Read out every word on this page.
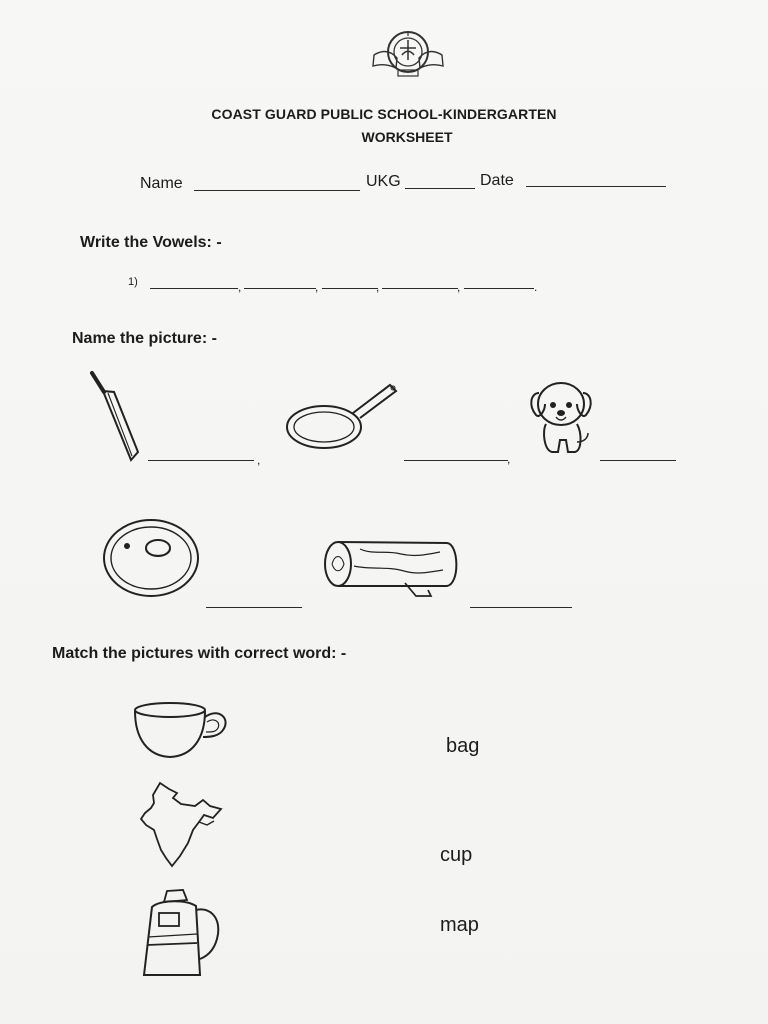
COAST GUARD PUBLIC SCHOOL-KINDERGARTEN
WORKSHEET
Name	UKG	Date
Write the Vowels: -
1)	,	,	,	,	.
Name the picture: -
,	,
Match the pictures with correct word: -
bag
cup
map
